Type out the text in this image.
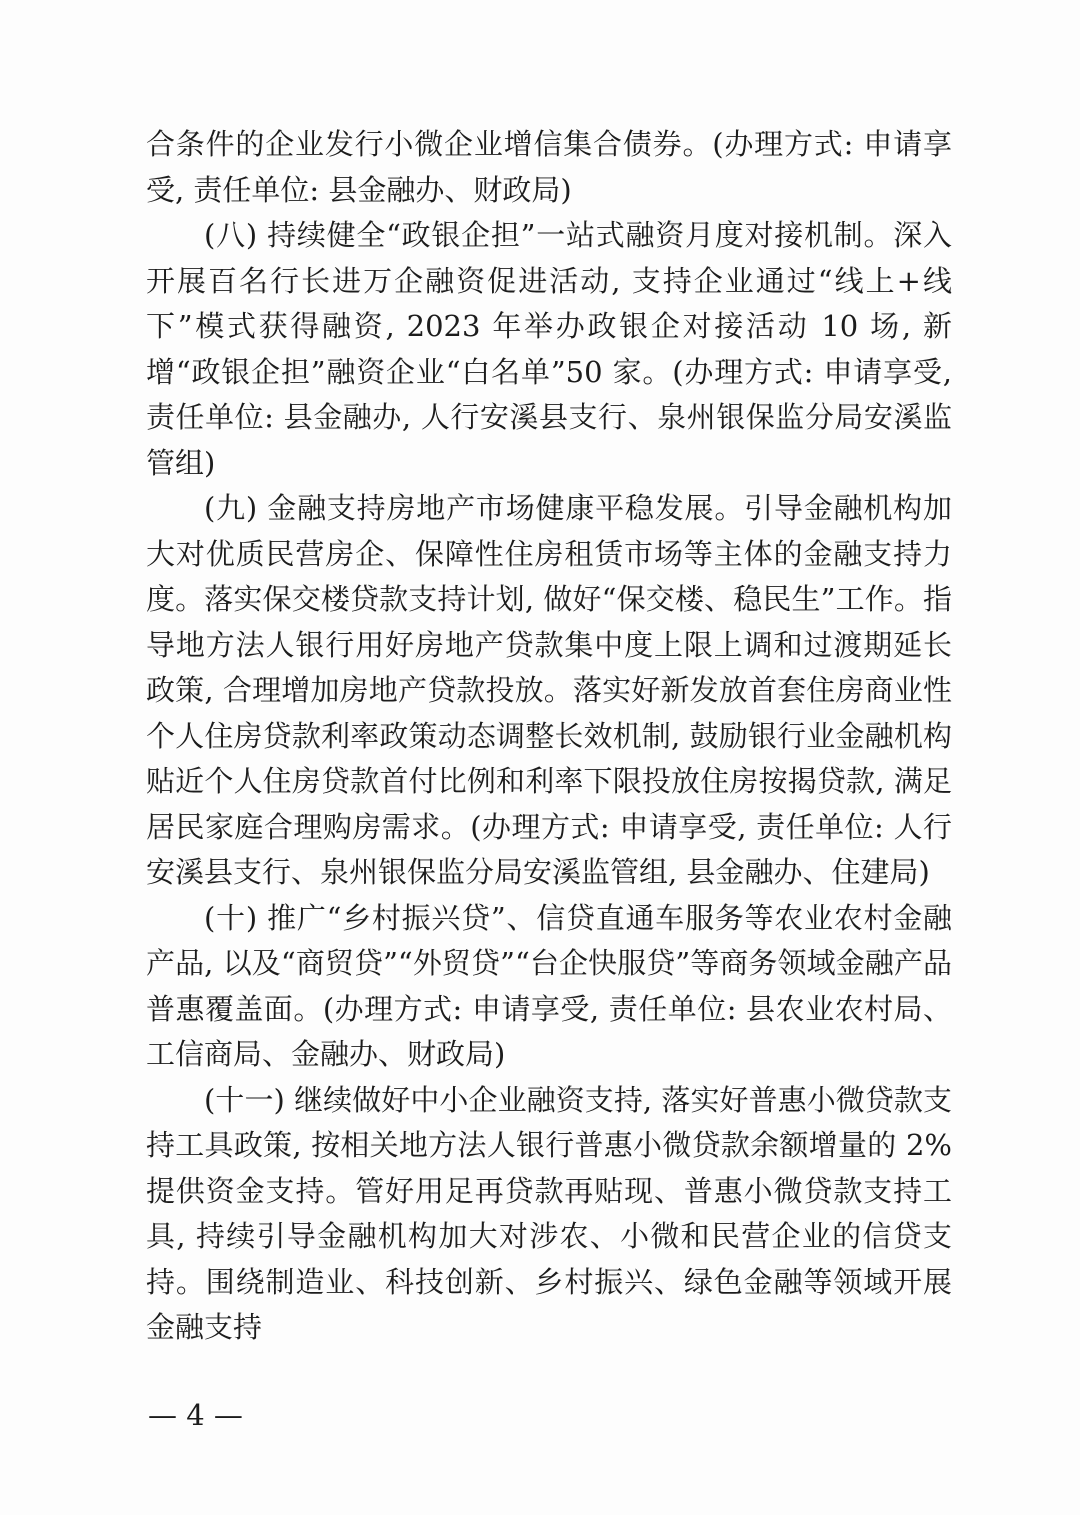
合条件的企业发行小微企业增信集合债券。(办理方式: 申请享受, 责任单位: 县金融办、财政局)

(八) 持续健全“政银企担”一站式融资月度对接机制。深入开展百名行长进万企融资促进活动, 支持企业通过“线上+线下”模式获得融资, 2023 年举办政银企对接活动 10 场, 新增“政银企担”融资企业“白名单”50 家。(办理方式: 申请享受, 责任单位: 县金融办, 人行安溪县支行、泉州银保监分局安溪监管组)

(九) 金融支持房地产市场健康平稳发展。引导金融机构加大对优质民营房企、保障性住房租赁市场等主体的金融支持力度。落实保交楼贷款支持计划, 做好“保交楼、稳民生”工作。指导地方法人银行用好房地产贷款集中度上限上调和过渡期延长政策, 合理增加房地产贷款投放。落实好新发放首套住房商业性个人住房贷款利率政策动态调整长效机制, 鼓励银行业金融机构贴近个人住房贷款首付比例和利率下限投放住房按揭贷款, 满足居民家庭合理购房需求。(办理方式: 申请享受, 责任单位: 人行安溪县支行、泉州银保监分局安溪监管组, 县金融办、住建局)

(十) 推广“乡村振兴贷”、信贷直通车服务等农业农村金融产品, 以及“商贸贷”“外贸贷”“台企快服贷”等商务领域金融产品普惠覆盖面。(办理方式: 申请享受, 责任单位: 县农业农村局、工信商局、金融办、财政局)

(十一) 继续做好中小企业融资支持, 落实好普惠小微贷款支持工具政策, 按相关地方法人银行普惠小微贷款余额增量的 2% 提供资金支持。管好用足再贷款再贴现、普惠小微贷款支持工具, 持续引导金融机构加大对涉农、小微和民营企业的信贷支持。围绕制造业、科技创新、乡村振兴、绿色金融等领域开展金融支持

— 4 —
